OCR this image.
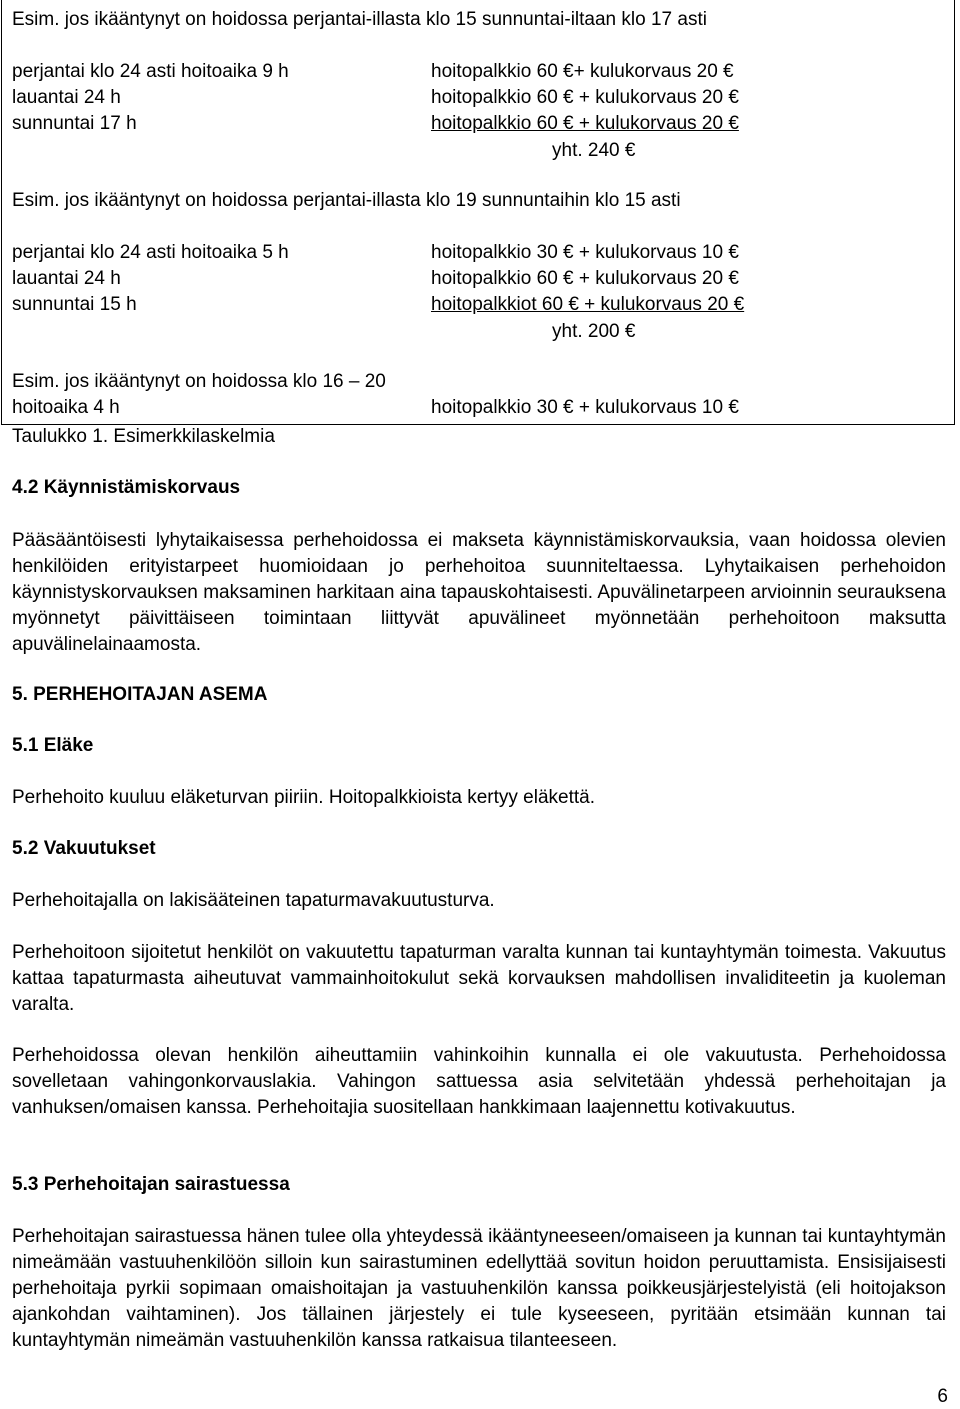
Esim. jos ikääntynyt on hoidossa perjantai-illasta klo 15 sunnuntai-iltaan klo 17 asti
perjantai klo 24 asti hoitoaika 9 h	hoitopalkkio 60 €+ kulukorvaus 20 €
lauantai 24 h	hoitopalkkio 60 € + kulukorvaus 20 €
sunnuntai 17 h	hoitopalkkio 60 € + kulukorvaus 20 €
yht. 240 €
Esim. jos ikääntynyt on hoidossa perjantai-illasta klo 19 sunnuntaihin klo 15 asti
perjantai klo 24 asti hoitoaika 5 h	hoitopalkkio 30 € + kulukorvaus 10 €
lauantai 24 h	hoitopalkkio 60 € + kulukorvaus 20 €
sunnuntai 15 h	hoitopalkkiot 60 € + kulukorvaus 20 €
yht. 200 €
Esim. jos ikääntynyt on hoidossa klo 16 – 20
hoitoaika 4 h	hoitopalkkio 30 € + kulukorvaus 10 €
Taulukko 1. Esimerkkilaskelmia
4.2 Käynnistämiskorvaus
Pääsääntöisesti lyhytaikaisessa perhehoidossa ei makseta käynnistämiskorvauksia, vaan hoidossa olevien henkilöiden erityistarpeet huomioidaan jo perhehoitoa suunniteltaessa. Lyhytaikaisen perhehoidon käynnistyskorvauksen maksaminen harkitaan aina tapauskohtaisesti. Apuvälinetarpeen arvioinnin seurauksena myönnetyt päivittäiseen toimintaan liittyvät apuvälineet myönnetään perhehoitoon maksutta apuvälinelainaamosta.
5. PERHEHOITAJAN ASEMA
5.1 Eläke
Perhehoito kuuluu eläketurvan piiriin. Hoitopalkkioista kertyy eläkettä.
5.2 Vakuutukset
Perhehoitajalla on lakisääteinen tapaturmavakuutusturva.
Perhehoitoon sijoitetut henkilöt on vakuutettu tapaturman varalta kunnan tai kuntayhtymän toimesta. Vakuutus kattaa tapaturmasta aiheutuvat vammainhoitokulut sekä korvauksen mahdollisen invaliditeetin ja kuoleman varalta.
Perhehoidossa olevan henkilön aiheuttamiin vahinkoihin kunnalla ei ole vakuutusta. Perhehoidossa sovelletaan vahingonkorvauslakia. Vahingon sattuessa asia selvitetään yhdessä perhehoitajan ja vanhuksen/omaisen kanssa. Perhehoitajia suositellaan hankkimaan laajennettu kotivakuutus.
5.3 Perhehoitajan sairastuessa
Perhehoitajan sairastuessa hänen tulee olla yhteydessä ikääntyneeseen/omaiseen ja kunnan tai kuntayhtymän nimeämään vastuuhenkilöön silloin kun sairastuminen edellyttää sovitun hoidon peruuttamista. Ensisijaisesti perhehoitaja pyrkii sopimaan omaishoitajan ja vastuuhenkilön kanssa poikkeusjärjestelyistä (eli hoitojakson ajankohdan vaihtaminen). Jos tällainen järjestely ei tule kyseeseen, pyritään etsimään kunnan tai kuntayhtymän nimeämän vastuuhenkilön kanssa ratkaisua tilanteeseen.
6
